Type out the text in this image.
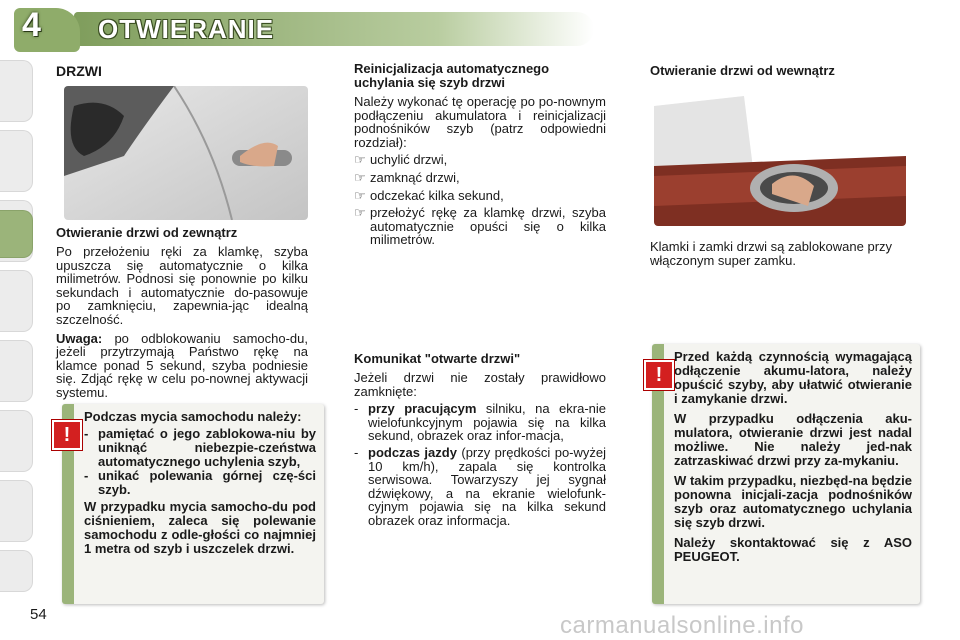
4	OTWIERANIE
DRZWI
Otwieranie drzwi od zewnątrz

Po przełożeniu ręki za klamkę, szyba upuszcza się automatycznie o kilka milimetrów. Podnosi się ponownie po kilku sekundach i automatycznie do-pasowuje po zamknięciu, zapewnia-jąc idealną szczelność.

Uwaga: po odblokowaniu samocho-du, jeżeli przytrzymają Państwo rękę na klamce ponad 5 sekund, szyba podniesie się. Zdjąć rękę w celu po-nownej aktywacji systemu.

Podczas mycia samochodu należy:
- pamiętać o jego zablokowa-niu by uniknąć niebezpie-czeństwa automatycznego uchylenia szyb,
- unikać polewania górnej czę-ści szyb.
W przypadku mycia samocho-du pod ciśnieniem, zaleca się polewanie samochodu z odle-głości co najmniej 1 metra od szyb i uszczelek drzwi.
!
Reinicjalizacja automatycznego uchylania się szyb drzwi

Należy wykonać tę operację po po-nownym podłączeniu akumulatora i reinicjalizacji podnośników szyb (patrz odpowiedni rozdział):

☞ uchylić drzwi,
☞ zamknąć drzwi,
☞ odczekać kilka sekund,
☞ przełożyć rękę za klamkę drzwi, szyba automatycznie opuści się o kilka milimetrów.
Komunikat "otwarte drzwi"

Jeżeli drzwi nie zostały prawidłowo zamknięte:

- przy pracującym silniku, na ekra-nie wielofunkcyjnym pojawia się na kilka sekund, obrazek oraz infor-macja,
- podczas jazdy (przy prędkości po-wyżej 10 km/h), zapala się kontrolka serwisowa. Towarzyszy jej sygnał dźwiękowy, a na ekranie wielofunk-cyjnym pojawia się na kilka sekund obrazek oraz informacja.
Otwieranie drzwi od wewnątrz

Klamki i zamki drzwi są zablokowane przy włączonym super zamku.

Przed każdą czynnością wymagającą odłączenie akumu-latora, należy opuścić szyby, aby ułatwić otwieranie i zamykanie drzwi.
W przypadku odłączenia aku-mulatora, otwieranie drzwi jest nadal możliwe. Nie należy jed-nak zatrzaskiwać drzwi przy za-mykaniu.
W takim przypadku, niezbęd-na będzie ponowna inicjali-zacja podnośników szyb oraz automatycznego uchylania się szyb drzwi.
Należy skontaktować się z ASO PEUGEOT.
!
54	carmanualsonline.info
